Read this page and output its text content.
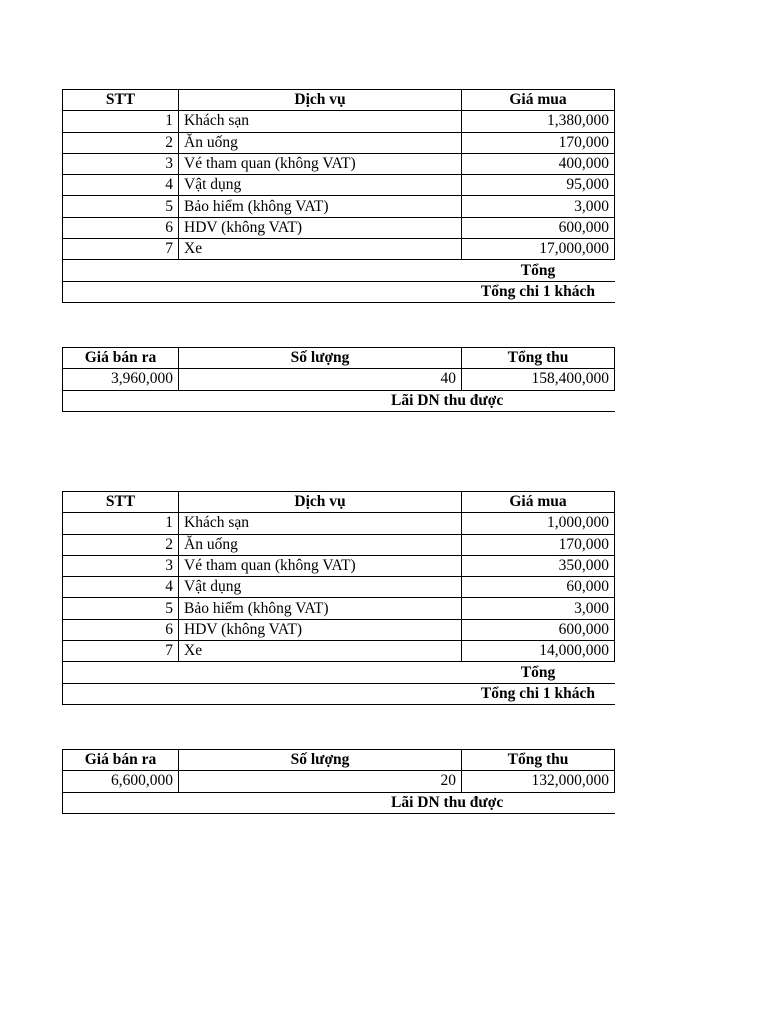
STT	Dịch vụ	Giá mua
1	Khách sạn	1,380,000
2	Ăn uống	170,000
3	Vé tham quan (không VAT)	400,000
4	Vật dụng	95,000
5	Bảo hiểm (không VAT)	3,000
6	HDV (không VAT)	600,000
7	Xe	17,000,000
		Tổng
		Tổng chi 1 khách
Giá bán ra	Số lượng	Tổng thu
3,960,000	40	158,400,000
Lãi DN thu được		
STT	Dịch vụ	Giá mua
1	Khách sạn	1,000,000
2	Ăn uống	170,000
3	Vé tham quan (không VAT)	350,000
4	Vật dụng	60,000
5	Bảo hiểm (không VAT)	3,000
6	HDV (không VAT)	600,000
7	Xe	14,000,000
		Tổng
		Tổng chi 1 khách
Giá bán ra	Số lượng	Tổng thu
6,600,000	20	132,000,000
Lãi DN thu được		
